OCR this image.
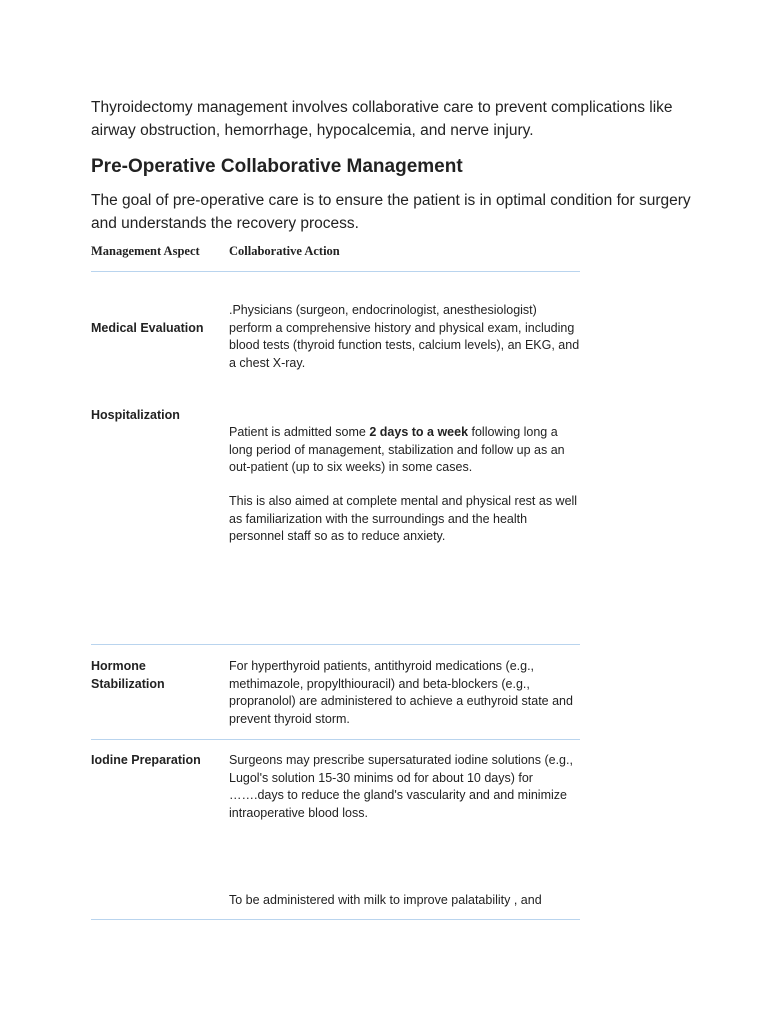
Thyroidectomy management involves collaborative care to prevent complications like airway obstruction, hemorrhage, hypocalcemia, and nerve injury.

Pre-Operative Collaborative Management

The goal of pre-operative care is to ensure the patient is in optimal condition for surgery and understands the recovery process.

Management Aspect Collaborative Action
Medical Evaluation

.Physicians (surgeon, endocrinologist, anesthesiologist) perform a comprehensive history and physical exam, including blood tests (thyroid function tests, calcium levels), an EKG, and a chest X-ray.

Hospitalization

Patient is admitted some 2 days to a week following long a long period of management, stabilization and follow up as an out-patient (up to six weeks) in some cases.

This is also aimed at complete mental and physical rest as well as familiarization with the surroundings and the health personnel staff so as to reduce anxiety.

Hormone Stabilization

For hyperthyroid patients, antithyroid medications (e.g., methimazole, propylthiouracil) and beta-blockers (e.g., propranolol) are administered to achieve a euthyroid state and prevent thyroid storm.

Iodine Preparation	Surgeons may prescribe supersaturated iodine solutions (e.g., Lugol's solution 15-30 minims od for about 10 days) for …….days to reduce the gland's vascularity and and minimize intraoperative blood loss.

To be administered with milk to improve palatability , and
